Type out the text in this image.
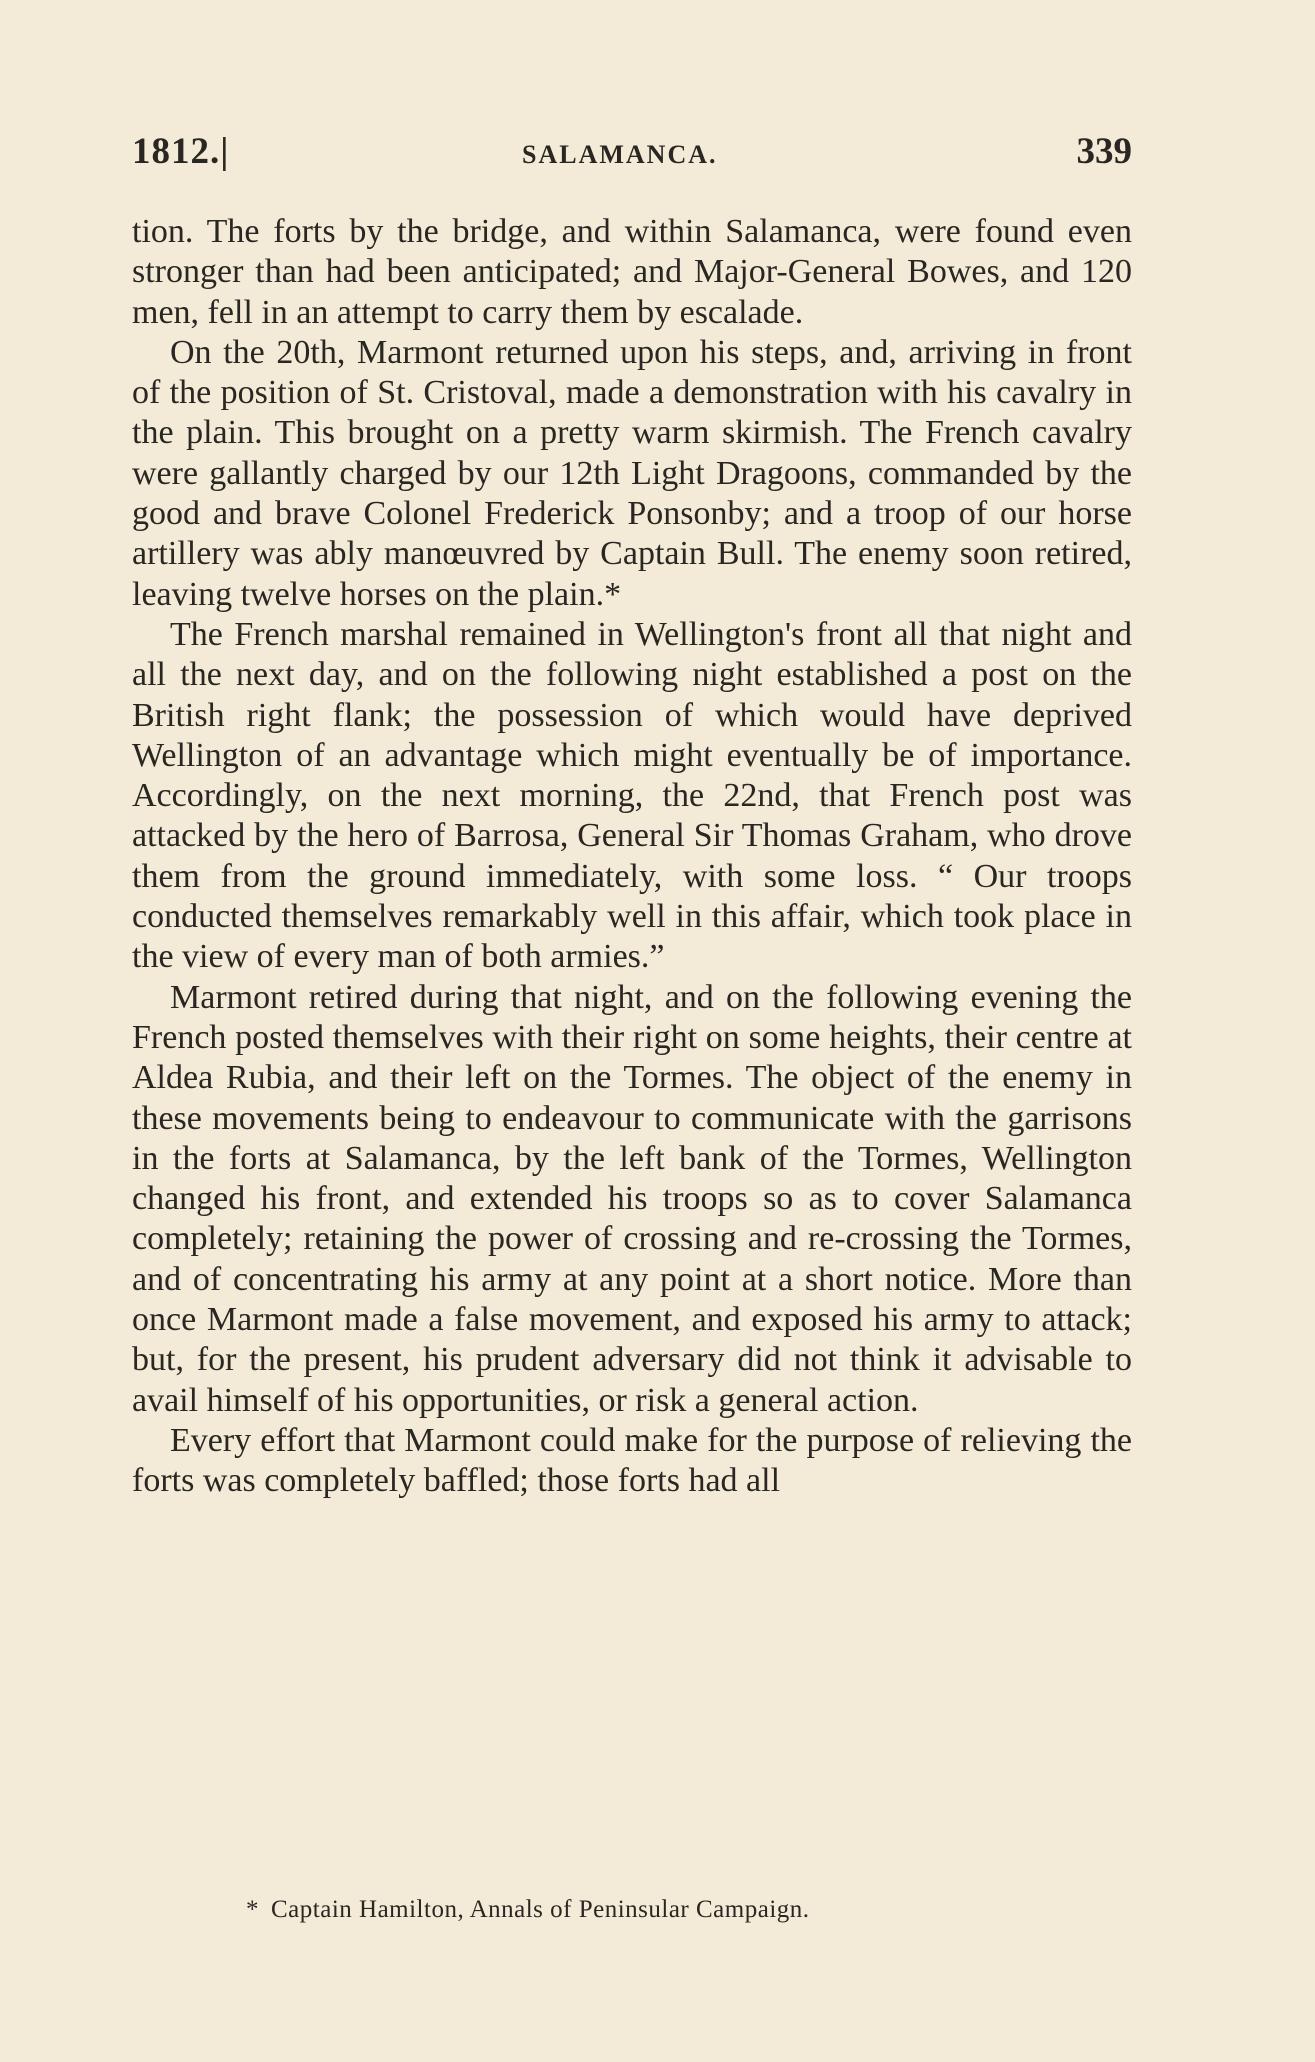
1812.|	SALAMANCA.	339

tion. The forts by the bridge, and within Salamanca, were found even stronger than had been anticipated; and Major-General Bowes, and 120 men, fell in an attempt to carry them by escalade.

On the 20th, Marmont returned upon his steps, and, arriving in front of the position of St. Cristoval, made a demonstration with his cavalry in the plain. This brought on a pretty warm skirmish. The French cavalry were gallantly charged by our 12th Light Dragoons, commanded by the good and brave Colonel Frederick Ponsonby; and a troop of our horse artillery was ably manœuvred by Captain Bull. The enemy soon retired, leaving twelve horses on the plain.*

The French marshal remained in Wellington's front all that night and all the next day, and on the following night established a post on the British right flank; the possession of which would have deprived Wellington of an advantage which might eventually be of importance. Accordingly, on the next morning, the 22nd, that French post was attacked by the hero of Barrosa, General Sir Thomas Graham, who drove them from the ground immediately, with some loss. “ Our troops conducted themselves remarkably well in this affair, which took place in the view of every man of both armies.”

Marmont retired during that night, and on the following evening the French posted themselves with their right on some heights, their centre at Aldea Rubia, and their left on the Tormes. The object of the enemy in these movements being to endeavour to communicate with the garrisons in the forts at Salamanca, by the left bank of the Tormes, Wellington changed his front, and extended his troops so as to cover Salamanca completely; retaining the power of crossing and re-crossing the Tormes, and of concentrating his army at any point at a short notice. More than once Marmont made a false movement, and exposed his army to attack; but, for the present, his prudent adversary did not think it advisable to avail himself of his opportunities, or risk a general action.

Every effort that Marmont could make for the purpose of relieving the forts was completely baffled; those forts had all

* Captain Hamilton, Annals of Peninsular Campaign.
